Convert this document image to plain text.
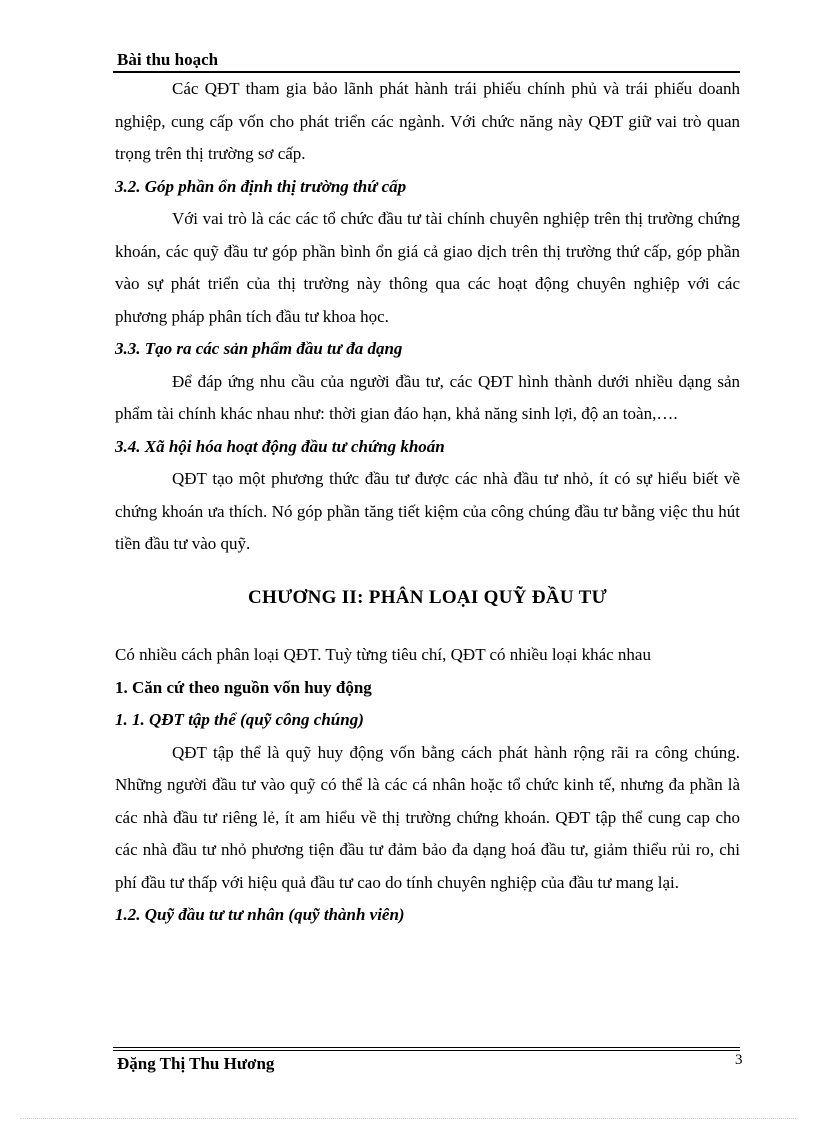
Bài thu hoạch

Các QĐT tham gia bảo lãnh phát hành trái phiếu chính phủ và trái phiếu doanh nghiệp, cung cấp vốn cho phát triển các ngành. Với chức năng này QĐT giữ vai trò quan trọng trên thị trường sơ cấp.

3.2. Góp phần ổn định thị trường thứ cấp

Với vai trò là các các tổ chức đầu tư tài chính chuyên nghiệp trên thị trường chứng khoán, các quỹ đầu tư góp phần bình ổn giá cả giao dịch trên thị trường thứ cấp, góp phần vào sự phát triển của thị trường này thông qua các hoạt động chuyên nghiệp với các phương pháp phân tích đầu tư khoa học.

3.3. Tạo ra các sản phẩm đầu tư đa dạng

Để đáp ứng nhu cầu của người đầu tư, các QĐT hình thành dưới nhiều dạng sản phẩm tài chính khác nhau như: thời gian đáo hạn, khả năng sinh lợi, độ an toàn,….

3.4. Xã hội hóa hoạt động đầu tư chứng khoán

QĐT tạo một phương thức đầu tư được các nhà đầu tư nhỏ, ít có sự hiểu biết về chứng khoán ưa thích. Nó góp phần tăng tiết kiệm của công chúng đầu tư bằng việc thu hút tiền đầu tư vào quỹ.

CHƯƠNG II: PHÂN LOẠI QUỸ ĐẦU TƯ

Có nhiều cách phân loại QĐT. Tuỳ từng tiêu chí, QĐT có nhiều loại khác nhau

1. Căn cứ theo nguồn vốn huy động

1. 1. QĐT tập thể (quỹ công chúng)

QĐT tập thể là quỹ huy động vốn bằng cách phát hành rộng rãi ra công chúng. Những người đầu tư vào quỹ có thể là các cá nhân hoặc tổ chức kinh tế, nhưng đa phần là các nhà đầu tư riêng lẻ, ít am hiểu về thị trường chứng khoán. QĐT tập thể cung cap cho các nhà đầu tư nhỏ phương tiện đầu tư đảm bảo đa dạng hoá đầu tư, giảm thiểu rủi ro, chi phí đầu tư thấp với hiệu quả đầu tư cao do tính chuyên nghiệp của đầu tư mang lại.

1.2. Quỹ đầu tư tư nhân (quỹ thành viên)

Đặng Thị Thu Hương	3
